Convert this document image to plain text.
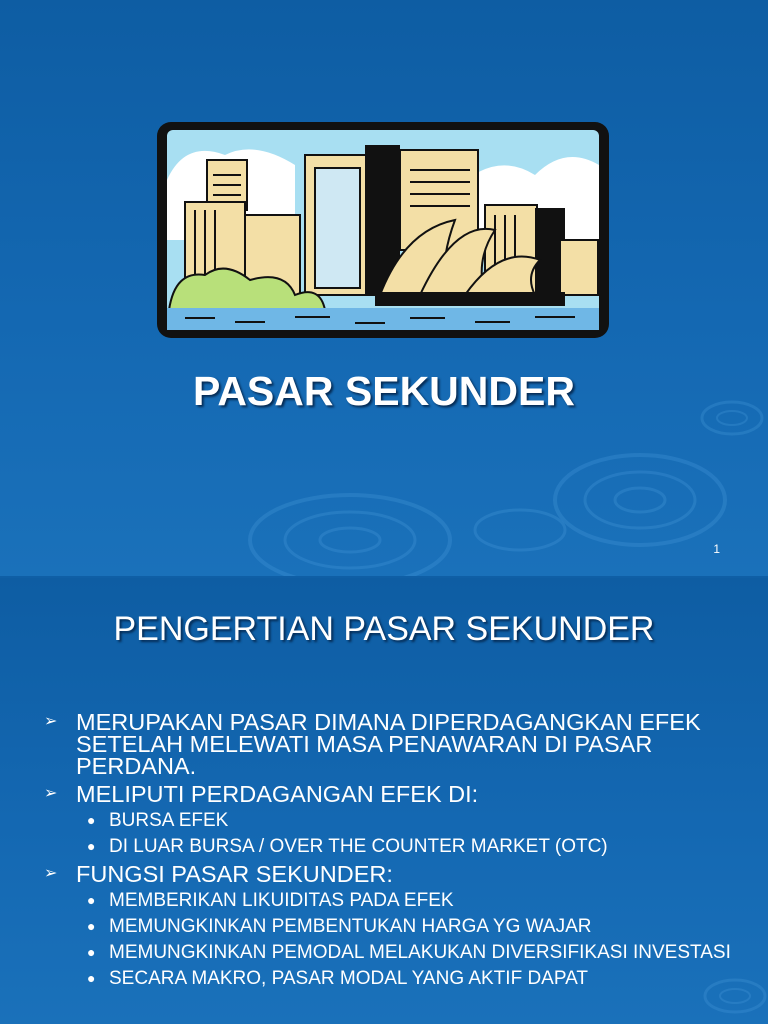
PASAR SEKUNDER
1
PENGERTIAN PASAR SEKUNDER
➢ MERUPAKAN PASAR DIMANA DIPERDAGANGKAN EFEK SETELAH MELEWATI MASA PENAWARAN DI PASAR PERDANA.
➢ MELIPUTI PERDAGANGAN EFEK DI:
● BURSA EFEK
● DI LUAR BURSA / OVER THE COUNTER MARKET (OTC)
➢ FUNGSI PASAR SEKUNDER:
● MEMBERIKAN LIKUIDITAS PADA EFEK
● MEMUNGKINKAN PEMBENTUKAN HARGA YG WAJAR
● MEMUNGKINKAN PEMODAL MELAKUKAN DIVERSIFIKASI INVESTASI
● SECARA MAKRO, PASAR MODAL YANG AKTIF DAPAT
